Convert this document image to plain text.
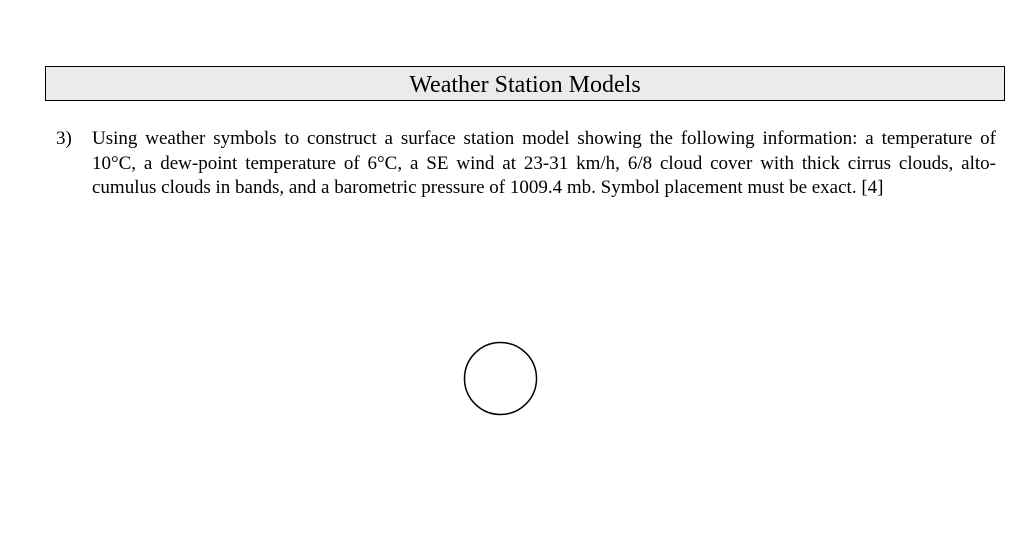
Weather Station Models
3)	Using weather symbols to construct a surface station model showing the following information: a temperature of 10°C, a dew-point temperature of 6°C, a SE wind at 23-31 km/h, 6/8 cloud cover with thick cirrus clouds, alto-cumulus clouds in bands, and a barometric pressure of 1009.4 mb. Symbol placement must be exact. [4]
